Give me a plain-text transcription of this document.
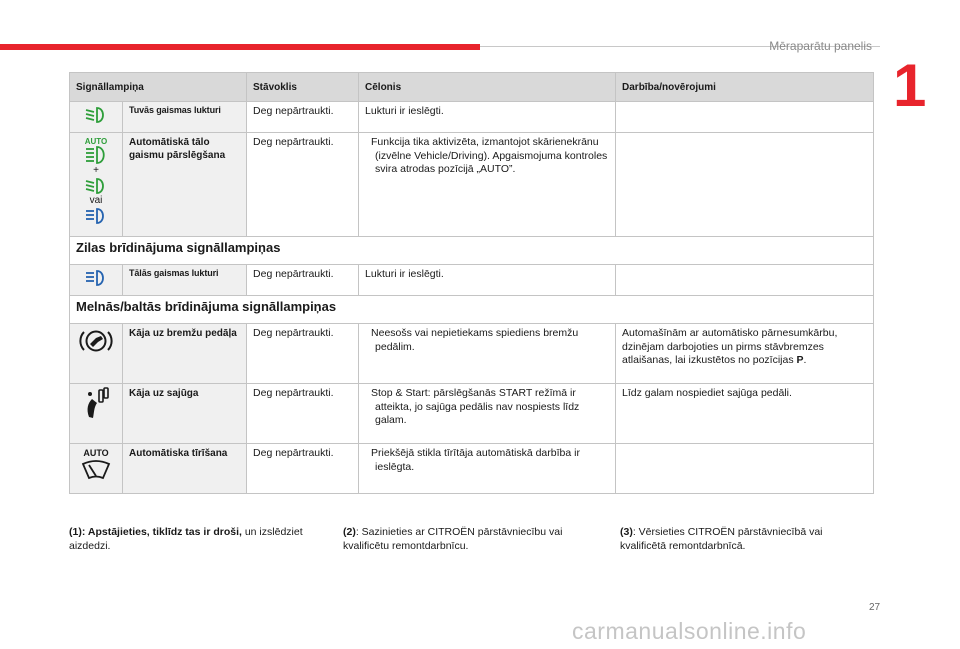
Mēraparātu panelis
1
Signāllampiņa		Stāvoklis	Cēlonis	Darbība/novērojumi
	Tuvās gaismas lukturi	Deg nepārtraukti.	Lukturi ir ieslēgti.	

AUTO
+
vai	Automātiskā tālo gaismu pārslēgšana	Deg nepārtraukti.	Funkcija tika aktivizēta, izmantojot skārienekrānu (izvēlne Vehicle/Driving). Apgaismojuma kontroles svira atrodas pozīcijā „AUTO”.	

Zilas brīdinājuma signāllampiņas				
	Tālās gaismas lukturi	Deg nepārtraukti.	Lukturi ir ieslēgti.	
Melnās/baltās brīdinājuma signāllampiņas				
	Kāja uz bremžu pedāļa	Deg nepārtraukti.	Neesošs vai nepietiekams spiediens bremžu pedālim.	Automašīnām ar automātisko pārnesumkārbu, dzinējam darbojoties un pirms stāvbremzes atlaišanas, lai izkustētos no pozīcijas P.
	Kāja uz sajūga	Deg nepārtraukti.	Stop & Start: pārslēgšanās START režīmā ir atteikta, jo sajūga pedālis nav nospiests līdz galam.	Līdz galam nospiediet sajūga pedāli.

AUTO	Automātiska tīrīšana	Deg nepārtraukti.	Priekšējā stikla tīrītāja automātiskā darbība ir ieslēgta.	

(1): Apstājieties, tiklīdz tas ir droši, un izslēdziet aizdedzi.
(2): Sazinieties ar CITROËN pārstāvniecību vai kvalificētu remontdarbnīcu.
(3): Vērsieties CITROËN pārstāvniecībā vai kvalificētā remontdarbnīcā.
27
carmanualsonline.info
